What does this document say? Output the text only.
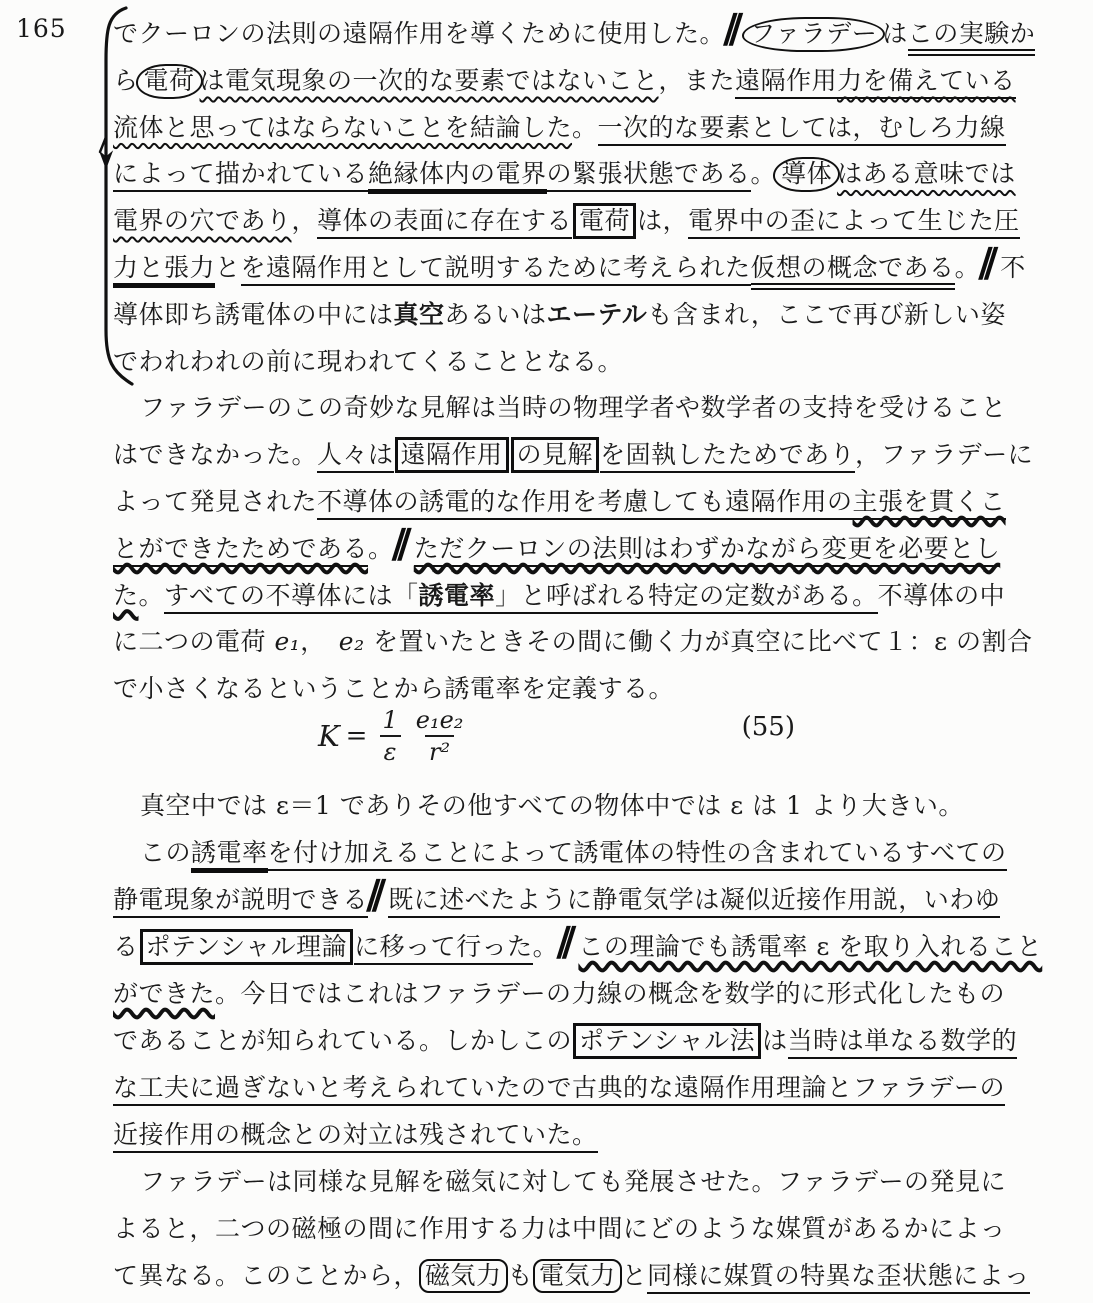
165 でクーロンの法則の遠隔作用を導くために使用した。∕∕ ファラデー はこの実験か
ら 電荷 は電気現象の一次的な要素ではないこと，また遠隔作用力を備えている
流体と思ってはならないことを結論した。一次的な要素としては，むしろ力線
によって描かれている絶縁体内の電界の緊張状態である。 導体 はある意味では
電界の穴であり，導体の表面に存在する 電荷 は，電界中の歪によって生じた圧
力と張力とを遠隔作用として説明するために考えられた仮想の概念である。∕∕ 不
導体即ち誘電体の中には真空あるいはエーテルも含まれ，ここで再び新しい姿
でわれわれの前に現われてくることとなる。
ファラデーのこの奇妙な見解は当時の物理学者や数学者の支持を受けること
はできなかった。人々は 遠隔作用 の見解 を固執したためであり，ファラデーに
よって発見された不導体の誘電的な作用を考慮しても遠隔作用の主張を貫くこ
とができたためである。∕∕ ただクーロンの法則はわずかながら変更を必要とし
た。すべての不導体には「誘電率」と呼ばれる特定の定数がある。不導体の中
に二つの電荷 e₁，　e₂ を置いたときその間に働く力が真空に比べて１：ε の割合
で小さくなるということから誘電率を定義する。
真空中では ε＝1 でありその他すべての物体中では ε は 1 より大きい。
この誘電率を付け加えることによって誘電体の特性の含まれているすべての
静電現象が説明できる∕∕ 既に述べたように静電気学は凝似近接作用説，いわゆ
る ポテンシャル理論 に移って行った。∕∕ この理論でも誘電率 ε を取り入れること
ができた。今日ではこれはファラデーの力線の概念を数学的に形式化したもの
であることが知られている。しかしこの ポテンシャル法 は当時は単なる数学的
な工夫に過ぎないと考えられていたので古典的な遠隔作用理論とファラデーの
近接作用の概念との対立は残されていた。
ファラデーは同様な見解を磁気に対しても発展させた。ファラデーの発見に
よると，二つの磁極の間に作用する力は中間にどのような媒質があるかによっ
て異なる。このことから， 磁気力 も 電気力 と同様に媒質の特異な歪状態によっ
$K = \frac{1}{\varepsilon} \frac{\text{e₁e₂}}{\text{r²}}$	(55)
